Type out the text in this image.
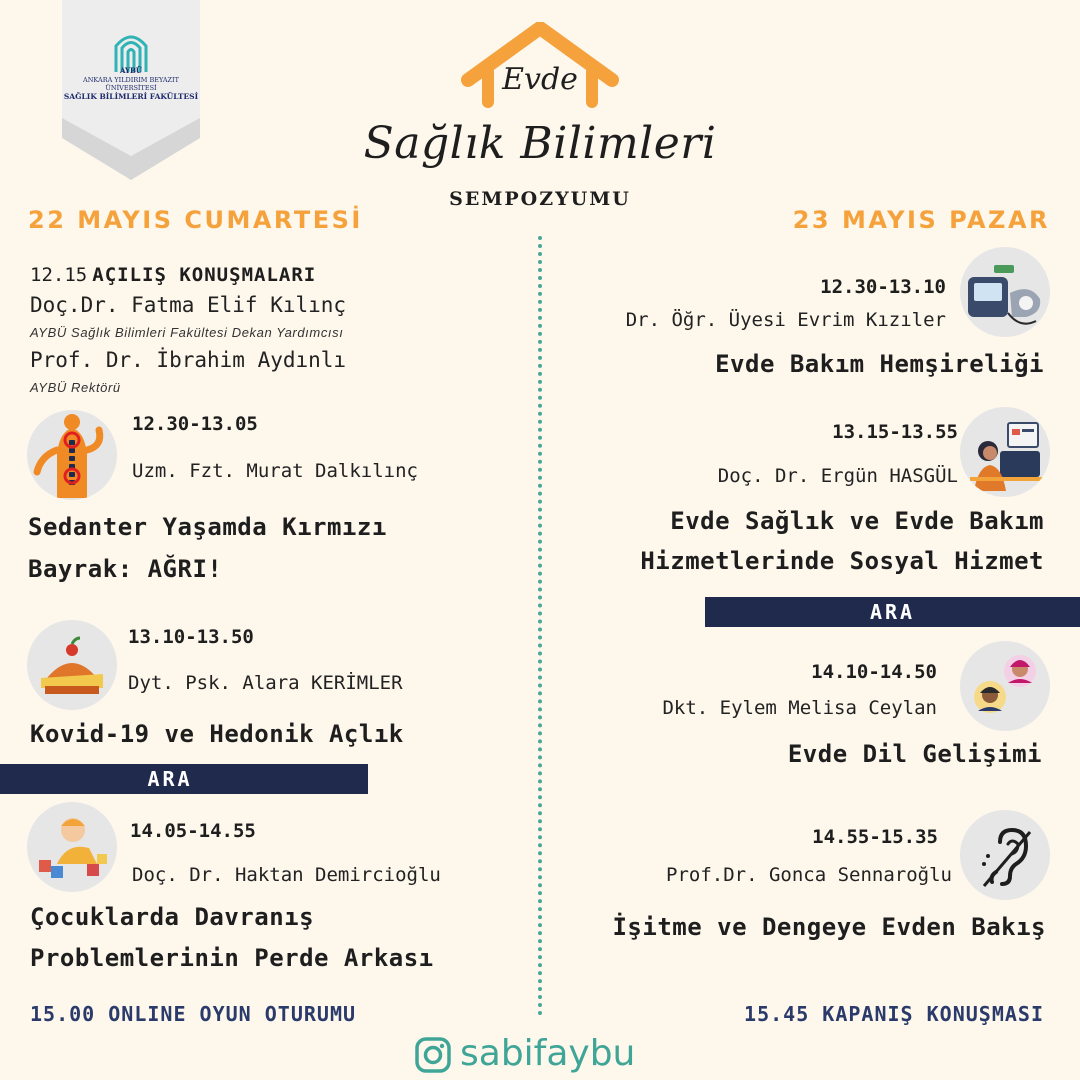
AYBÜ
ANKARA YILDIRIM BEYAZIT
ÜNİVERSİTESİ
SAĞLIK BİLİMLERİ FAKÜLTESİ	Evde
Sağlık Bilimleri
SEMPOZYUMU
22 MAYIS CUMARTESİ
12.15 AÇILIŞ KONUŞMALARI
Doç.Dr. Fatma Elif Kılınç
AYBÜ Sağlık Bilimleri Fakültesi Dekan Yardımcısı
Prof. Dr. İbrahim Aydınlı
AYBÜ Rektörü
12.30-13.05
Uzm. Fzt. Murat Dalkılınç
Sedanter Yaşamda Kırmızı
Bayrak: AĞRI!
13.10-13.50
Dyt. Psk. Alara KERİMLER
Kovid-19 ve Hedonik Açlık
ARA
14.05-14.55
Doç. Dr. Haktan Demircioğlu
Çocuklarda Davranış
Problemlerinin Perde Arkası
15.00 ONLINE OYUN OTURUMU
23 MAYIS PAZAR
12.30-13.10
Dr. Öğr. Üyesi Evrim Kızıler
Evde Bakım Hemşireliği
13.15-13.55
Doç. Dr. Ergün HASGÜL
Evde Sağlık ve Evde Bakım
Hizmetlerinde Sosyal Hizmet
ARA
14.10-14.50
Dkt. Eylem Melisa Ceylan
Evde Dil Gelişimi
14.55-15.35
Prof.Dr. Gonca Sennaroğlu
İşitme ve Dengeye Evden Bakış
15.45 KAPANIŞ KONUŞMASI
sabifaybu
